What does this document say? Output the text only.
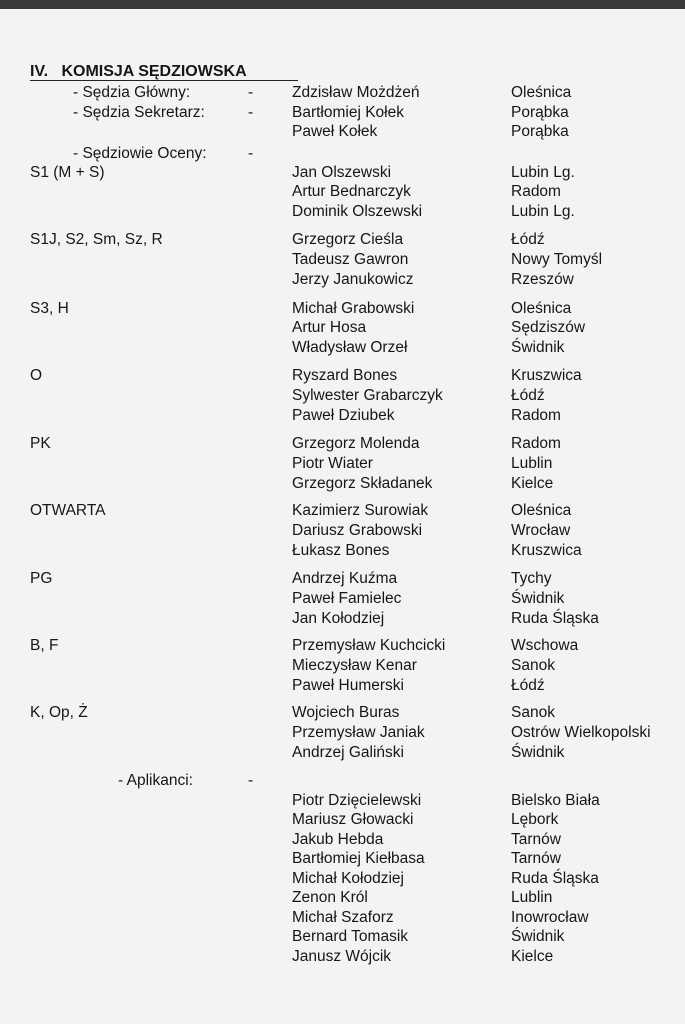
IV. KOMISJA SĘDZIOWSKA
- Sędzia Główny:	-	Zdzisław Możdżeń	Oleśnica
- Sędzia Sekretarz:	-	Bartłomiej Kołek	Porąbka
Paweł Kołek	Porąbka
- Sędziowie Oceny:	-
S1 (M + S)	Jan Olszewski	Lubin Lg.
Artur Bednarczyk	Radom
Dominik Olszewski	Lubin Lg.
S1J, S2, Sm, Sz, R	Grzegorz Cieśla	Łódź
Tadeusz Gawron	Nowy Tomyśl
Jerzy Janukowicz	Rzeszów
S3, H	Michał Grabowski	Oleśnica
Artur Hosa	Sędziszów
Władysław Orzeł	Świdnik
O	Ryszard Bones	Kruszwica
Sylwester Grabarczyk	Łódź
Paweł Dziubek	Radom
PK	Grzegorz Molenda	Radom
Piotr Wiater	Lublin
Grzegorz Składanek	Kielce
OTWARTA	Kazimierz Surowiak	Oleśnica
Dariusz Grabowski	Wrocław
Łukasz Bones	Kruszwica
PG	Andrzej Kuźma	Tychy
Paweł Famielec	Świdnik
Jan Kołodziej	Ruda Śląska
B, F	Przemysław Kuchcicki	Wschowa
Mieczysław Kenar	Sanok
Paweł Humerski	Łódź
K, Op, Ż	Wojciech Buras	Sanok
Przemysław Janiak	Ostrów Wielkopolski
Andrzej Galiński	Świdnik
- Aplikanci:	-
Piotr Dzięcielewski	Bielsko Biała
Mariusz Głowacki	Lębork
Jakub Hebda	Tarnów
Bartłomiej Kiełbasa	Tarnów
Michał Kołodziej	Ruda Śląska
Zenon Król	Lublin
Michał Szaforz	Inowrocław
Bernard Tomasik	Świdnik
Janusz Wójcik	Kielce
